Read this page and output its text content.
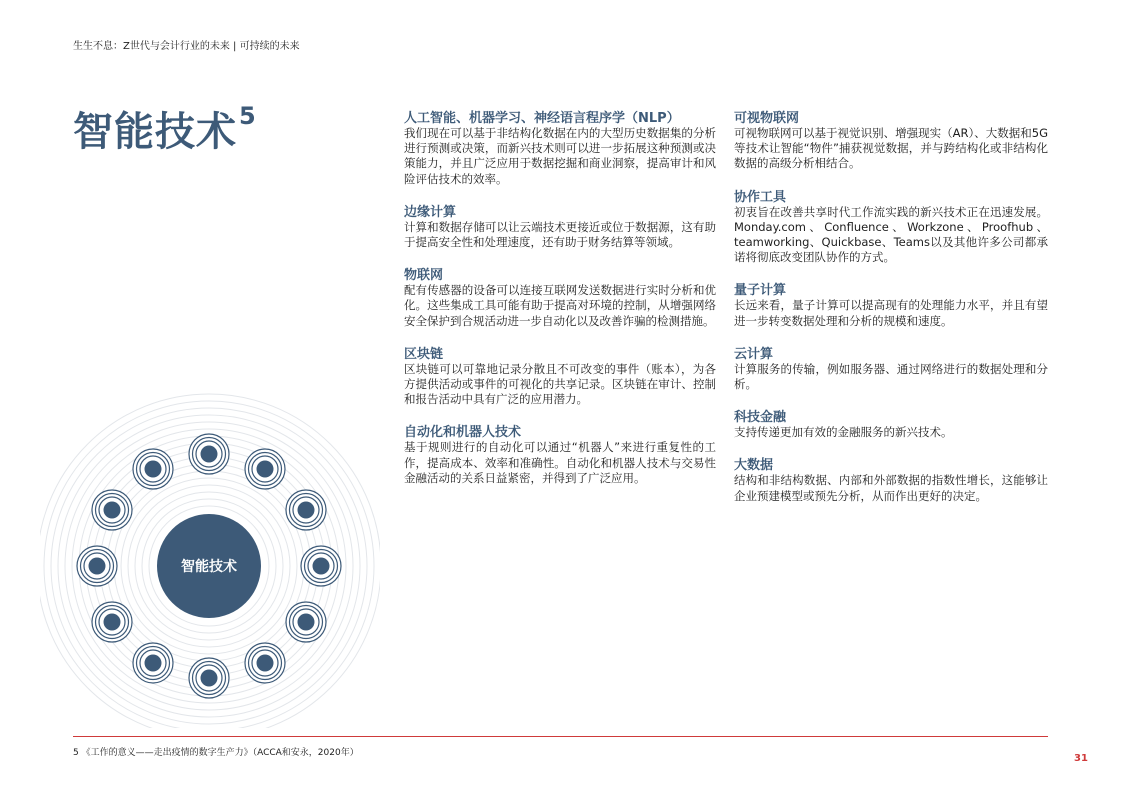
生生不息：Z世代与会计行业的未来 | 可持续的未来
智能技术$^5$
智能技术
人工智能、机器学习、神经语言程序学（NLP）

我们现在可以基于非结构化数据在内的大型历史数据集的分析进行预测或决策，而新兴技术则可以进一步拓展这种预测或决策能力，并且广泛应用于数据挖掘和商业洞察，提高审计和风险评估技术的效率。

边缘计算

计算和数据存储可以让云端技术更接近或位于数据源，这有助于提高安全性和处理速度，还有助于财务结算等领域。

物联网

配有传感器的设备可以连接互联网发送数据进行实时分析和优化。这些集成工具可能有助于提高对环境的控制，从增强网络安全保护到合规活动进一步自动化以及改善诈骗的检测措施。

区块链

区块链可以可靠地记录分散且不可改变的事件（账本），为各方提供活动或事件的可视化的共享记录。区块链在审计、控制和报告活动中具有广泛的应用潜力。

自动化和机器人技术

基于规则进行的自动化可以通过“机器人”来进行重复性的工作，提高成本、效率和准确性。自动化和机器人技术与交易性金融活动的关系日益紧密，并得到了广泛应用。

可视物联网

可视物联网可以基于视觉识别、增强现实（AR）、大数据和5G等技术让智能“物件”捕获视觉数据，并与跨结构化或非结构化数据的高级分析相结合。

协作工具

初衷旨在改善共享时代工作流实践的新兴技术正在迅速发展。Monday.com、Confluence、Workzone、Proofhub、teamworking、Quickbase、Teams以及其他许多公司都承诺将彻底改变团队协作的方式。

量子计算

长远来看，量子计算可以提高现有的处理能力水平，并且有望进一步转变数据处理和分析的规模和速度。

云计算

计算服务的传输，例如服务器、通过网络进行的数据处理和分析。

科技金融

支持传递更加有效的金融服务的新兴技术。

大数据

结构和非结构数据、内部和外部数据的指数性增长，这能够让企业预建模型或预先分析，从而作出更好的决定。

5 《工作的意义——走出疫情的数字生产力》（ACCA和安永，2020年）	31
